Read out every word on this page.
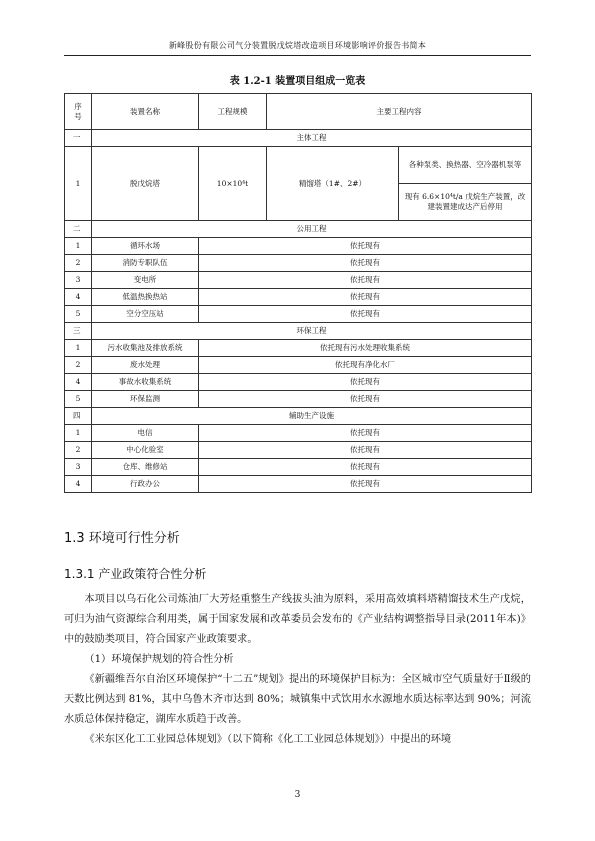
新峰股份有限公司气分装置脱戊烷塔改造项目环境影响评价报告书简本
表 1.2-1 装置项目组成一览表
序
号	装置名称	工程规模	主要工程内容	
一	主体工程			
1	脱戊烷塔	10×10⁴t	精馏塔（1#、2#）	各种泵类、换热器、空冷器机泵等
				现有 6.6×10⁴t/a 戊烷生产装置，改建装置建成达产后停用
二	公用工程			
1	循环水场	依托现有		
2	消防专职队伍	依托现有		
3	变电所	依托现有		
4	低温热换热站	依托现有		
5	空分空压站	依托现有		
三	环保工程			
1	污水收集池及排放系统	依托现有污水处理收集系统		
2	废水处理	依托现有净化水厂		
4	事故水收集系统	依托现有		
5	环保监测	依托现有		
四	辅助生产设施			
1	电信	依托现有		
2	中心化验室	依托现有		
3	仓库、维修站	依托现有		
4	行政办公	依托现有		
1.3 环境可行性分析
1.3.1 产业政策符合性分析

本项目以乌石化公司炼油厂大芳烃重整生产线拔头油为原料，采用高效填料塔精馏技术生产戊烷，可归为油气资源综合利用类，属于国家发展和改革委员会发布的《产业结构调整指导目录(2011年本)》中的鼓励类项目，符合国家产业政策要求。

（1）环境保护规划的符合性分析

《新疆维吾尔自治区环境保护“十二五”规划》提出的环境保护目标为：全区城市空气质量好于Ⅱ级的天数比例达到 81%，其中乌鲁木齐市达到 80%；城镇集中式饮用水水源地水质达标率达到 90%；河流水质总体保持稳定，湖库水质趋于改善。

《米东区化工工业园总体规划》（以下简称《化工工业园总体规划》）中提出的环境

3
